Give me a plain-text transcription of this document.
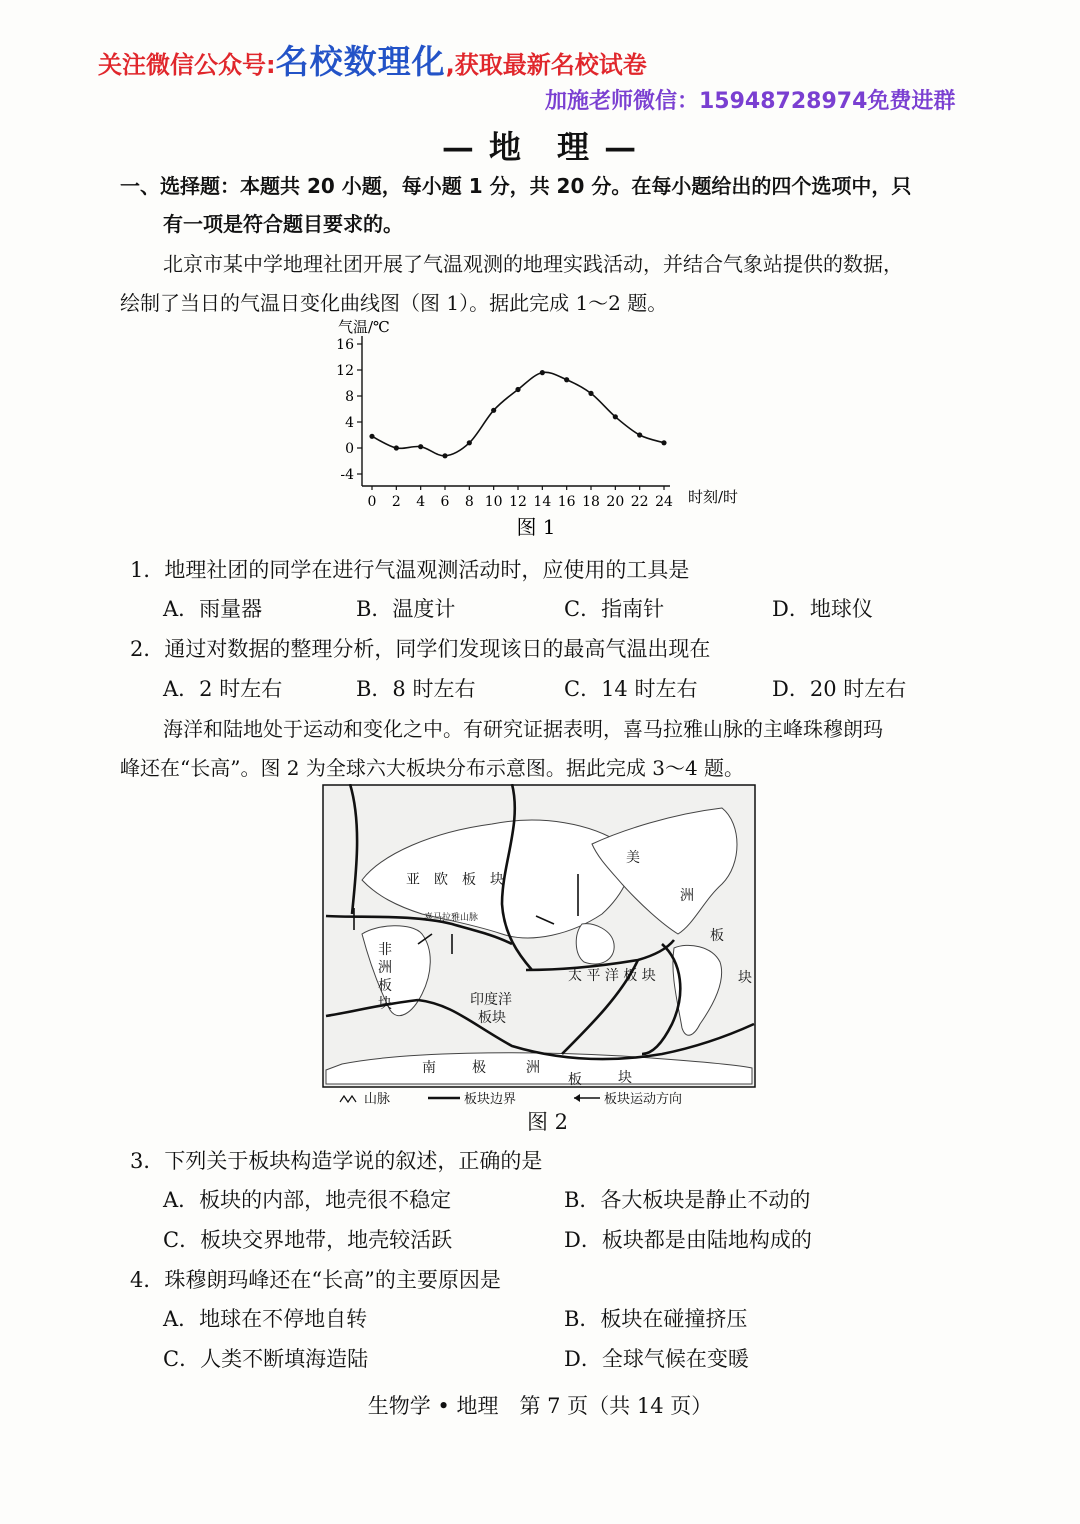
关注微信公众号:名校数理化,获取最新名校试卷
加施老师微信：15948728974免费进群
— 地　理 —
一、选择题：本题共 20 小题，每小题 1 分，共 20 分。在每小题给出的四个选项中，只
有一项是符合题目要求的。
北京市某中学地理社团开展了气温观测的地理实践活动，并结合气象站提供的数据，
绘制了当日的气温日变化曲线图（图 1）。据此完成 1～2 题。
气温/℃
时刻/时
16
12
8
4
0
-4
0 2 4 6 8 10 12 14 16 18 20 22 24
图 1
1．地理社团的同学在进行气温观测活动时，应使用的工具是
A．雨量器	B．温度计	C．指南针	D．地球仪
2．通过对数据的整理分析，同学们发现该日的最高气温出现在
A．2 时左右	B．8 时左右	C．14 时左右	D．20 时左右
海洋和陆地处于运动和变化之中。有研究证据表明，喜马拉雅山脉的主峰珠穆朗玛
峰还在“长高”。图 2 为全球六大板块分布示意图。据此完成 3～4 题。
亚　欧　板　块
喜马拉雅山脉
非
洲
板
块
美
洲
板
块
太 平 洋 板 块
印度洋
板块
南	极	洲
板	块
山脉	板块边界	板块运动方向
图 2
3．下列关于板块构造学说的叙述，正确的是
A．板块的内部，地壳很不稳定	B．各大板块是静止不动的
C．板块交界地带，地壳较活跃	D．板块都是由陆地构成的
4．珠穆朗玛峰还在“长高”的主要原因是
A．地球在不停地自转	B．板块在碰撞挤压
C．人类不断填海造陆	D．全球气候在变暖
生物学 • 地理　第 7 页（共 14 页）
